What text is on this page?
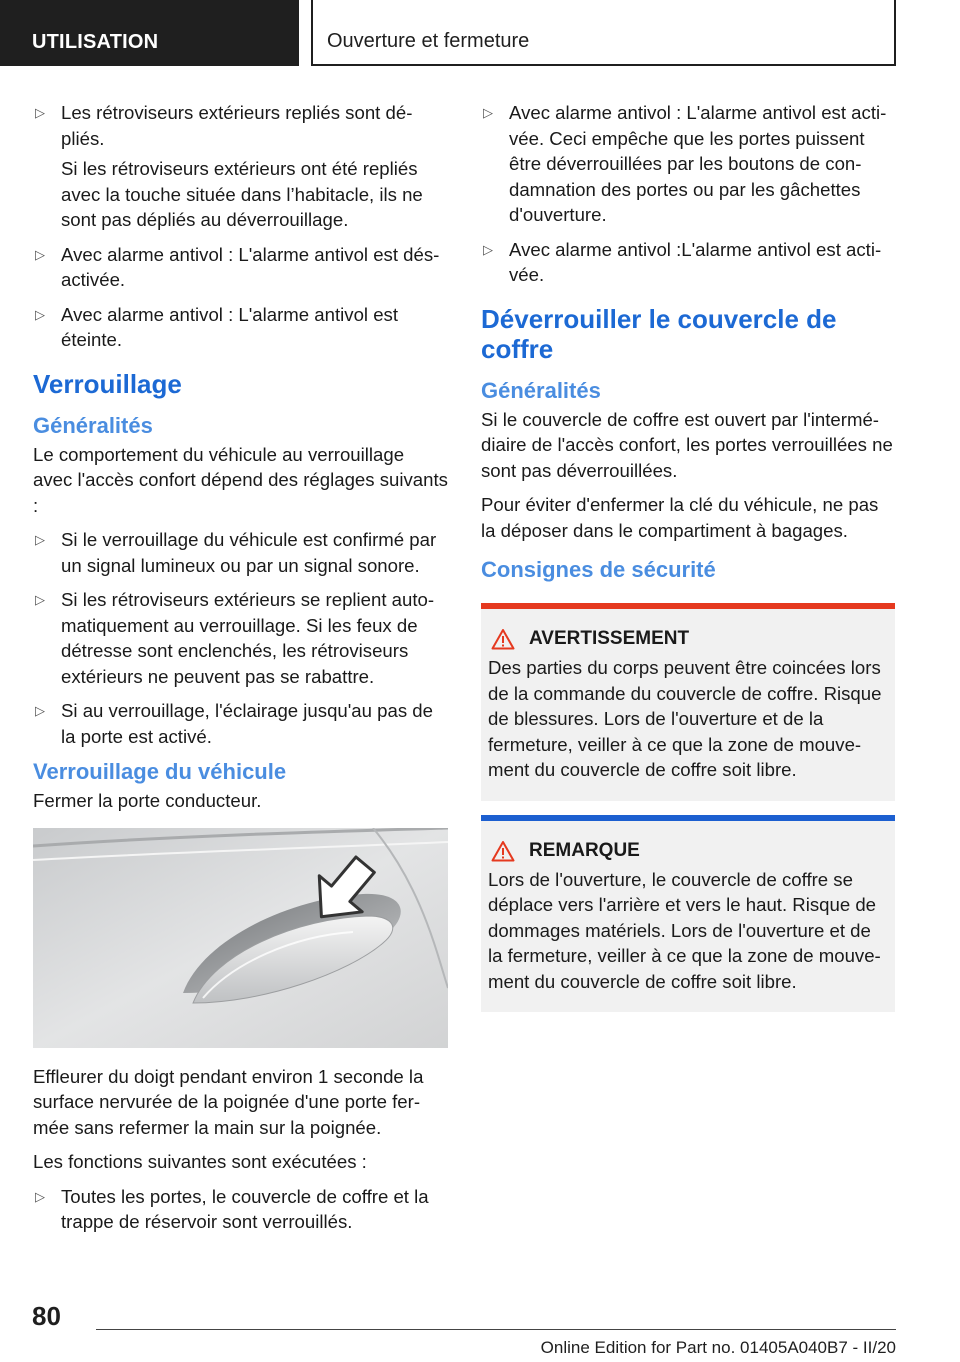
UTILISATION	Ouverture et fermeture
▷ Les rétroviseurs extérieurs repliés sont dépliés.

Si les rétroviseurs extérieurs ont été repliés avec la touche située dans l’habitacle, ils ne sont pas dépliés au déverrouillage.

▷ Avec alarme antivol : L'alarme antivol est désactivée.

▷ Avec alarme antivol : L'alarme antivol est éteinte.

Verrouillage
Généralités

Le comportement du véhicule au verrouillage avec l'accès confort dépend des réglages suivants :

▷ Si le verrouillage du véhicule est confirmé par un signal lumineux ou par un signal sonore.

▷ Si les rétroviseurs extérieurs se replient automatiquement au verrouillage. Si les feux de détresse sont enclenchés, les rétroviseurs extérieurs ne peuvent pas se rabattre.

▷ Si au verrouillage, l'éclairage jusqu'au pas de la porte est activé.

Verrouillage du véhicule

Fermer la porte conducteur.

Effleurer du doigt pendant environ 1 seconde la surface nervurée de la poignée d'une porte fermée sans refermer la main sur la poignée.

Les fonctions suivantes sont exécutées :

▷ Toutes les portes, le couvercle de coffre et la trappe de réservoir sont verrouillés.

▷ Avec alarme antivol : L'alarme antivol est activée. Ceci empêche que les portes puissent être déverrouillées par les boutons de condamnation des portes ou par les gâchettes d'ouverture.

▷ Avec alarme antivol :L'alarme antivol est activée.

Déverrouiller le couvercle de coffre
Généralités

Si le couvercle de coffre est ouvert par l'intermédiaire de l'accès confort, les portes verrouillées ne sont pas déverrouillées.

Pour éviter d'enfermer la clé du véhicule, ne pas la déposer dans le compartiment à bagages.

Consignes de sécurité
AVERTISSEMENT

Des parties du corps peuvent être coincées lors de la commande du couvercle de coffre. Risque de blessures. Lors de l'ouverture et de la fermeture, veiller à ce que la zone de mouvement du couvercle de coffre soit libre.

REMARQUE

Lors de l'ouverture, le couvercle de coffre se déplace vers l'arrière et vers le haut. Risque de dommages matériels. Lors de l'ouverture et de la fermeture, veiller à ce que la zone de mouvement du couvercle de coffre soit libre.

80
Online Edition for Part no. 01405A040B7 - II/20
